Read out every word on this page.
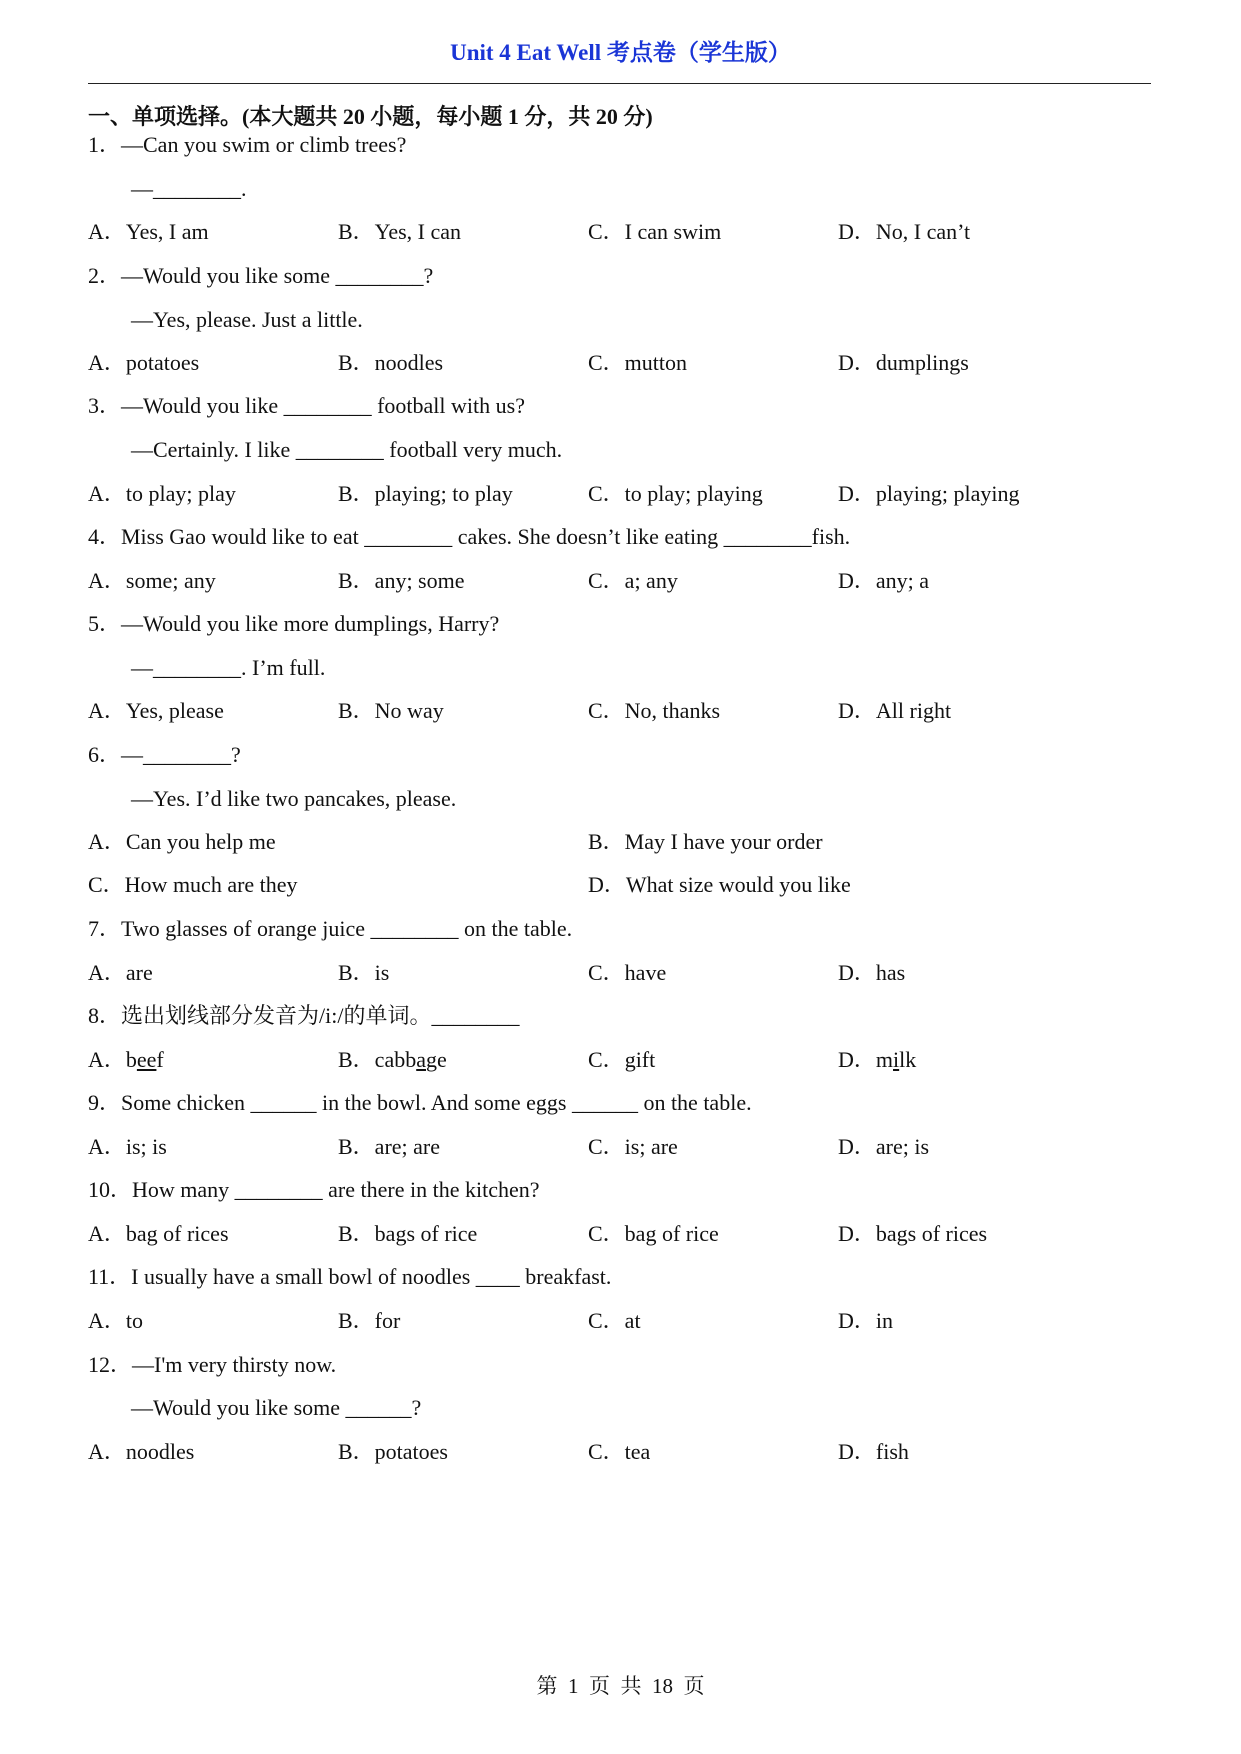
Unit 4 Eat Well 考点卷（学生版）
一、单项选择。(本大题共 20 小题，每小题 1 分，共 20 分)
1．—Can you swim or climb trees?
—________.
A．Yes, I am	B．Yes, I can	C．I can swim	D．No, I can’t
2．—Would you like some ________?
—Yes, please. Just a little.
A．potatoes	B．noodles	C．mutton	D．dumplings
3．—Would you like ________ football with us?
—Certainly. I like ________ football very much.
A．to play; play	B．playing; to play	C．to play; playing	D．playing; playing
4．Miss Gao would like to eat ________ cakes. She doesn’t like eating ________fish.
A．some; any	B．any; some	C．a; any	D．any; a
5．—Would you like more dumplings, Harry?
—________. I’m full.
A．Yes, please	B．No way	C．No, thanks	D．All right
6．—________?
—Yes. I’d like two pancakes, please.
A．Can you help me	B．May I have your order
C．How much are they	D．What size would you like
7．Two glasses of orange juice ________ on the table.
A．are	B．is	C．have	D．has
8．选出划线部分发音为/i:/的单词。________
A．beef	B．cabbage	C．gift	D．milk
9．Some chicken ______ in the bowl. And some eggs ______ on the table.
A．is; is	B．are; are	C．is; are	D．are; is
10．How many ________ are there in the kitchen?
A．bag of rices	B．bags of rice	C．bag of rice	D．bags of rices
11．I usually have a small bowl of noodles ____ breakfast.
A．to	B．for	C．at	D．in
12．—I'm very thirsty now.
—Would you like some ______?
A．noodles	B．potatoes	C．tea	D．fish
第  1  页  共  18  页
